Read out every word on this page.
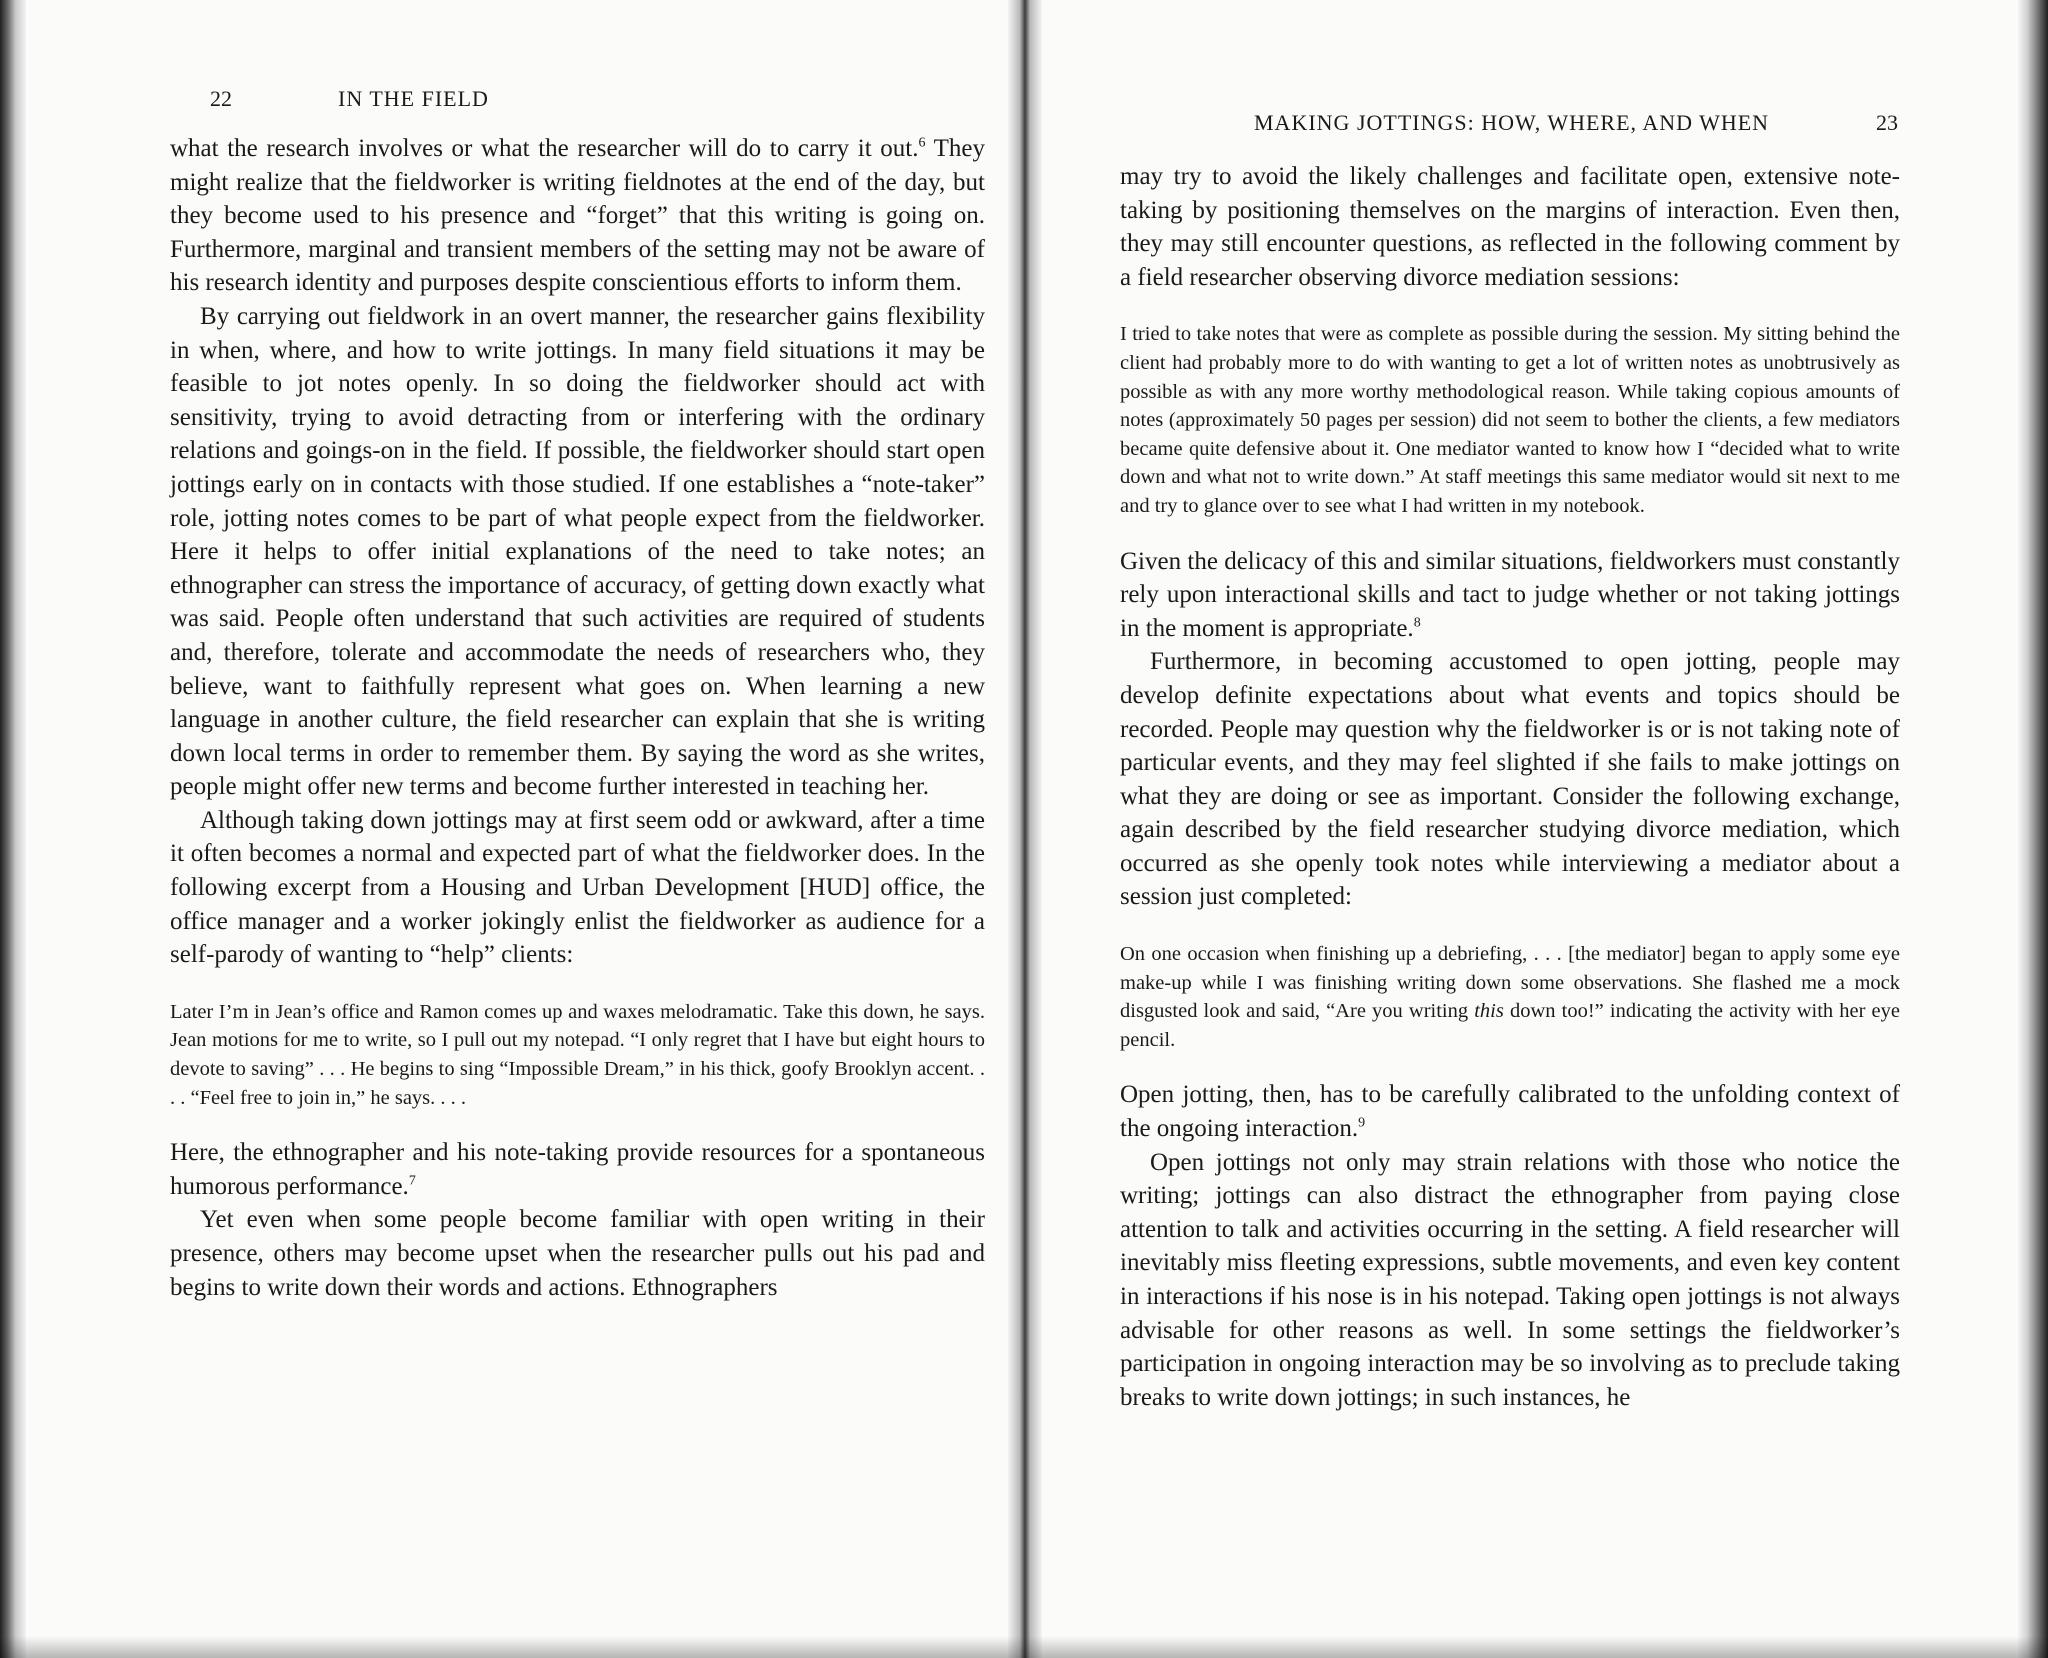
22	IN THE FIELD

what the research involves or what the researcher will do to carry it out.$^6$ They might realize that the fieldworker is writing fieldnotes at the end of the day, but they become used to his presence and “forget” that this writing is going on. Furthermore, marginal and transient members of the setting may not be aware of his research identity and purposes despite conscientious efforts to inform them.

By carrying out fieldwork in an overt manner, the researcher gains flexibility in when, where, and how to write jottings. In many field situations it may be feasible to jot notes openly. In so doing the fieldworker should act with sensitivity, trying to avoid detracting from or interfering with the ordinary relations and goings-on in the field. If possible, the fieldworker should start open jottings early on in contacts with those studied. If one establishes a “note-taker” role, jotting notes comes to be part of what people expect from the fieldworker. Here it helps to offer initial explanations of the need to take notes; an ethnographer can stress the importance of accuracy, of getting down exactly what was said. People often understand that such activities are required of students and, therefore, tolerate and accommodate the needs of researchers who, they believe, want to faithfully represent what goes on. When learning a new language in another culture, the field researcher can explain that she is writing down local terms in order to remember them. By saying the word as she writes, people might offer new terms and become further interested in teaching her.

Although taking down jottings may at first seem odd or awkward, after a time it often becomes a normal and expected part of what the fieldworker does. In the following excerpt from a Housing and Urban Development [HUD] office, the office manager and a worker jokingly enlist the fieldworker as audience for a self-parody of wanting to “help” clients:

Later I’m in Jean’s office and Ramon comes up and waxes melodramatic. Take this down, he says. Jean motions for me to write, so I pull out my notepad. “I only regret that I have but eight hours to devote to saving” . . . He begins to sing “Impossible Dream,” in his thick, goofy Brooklyn accent. . . . “Feel free to join in,” he says. . . .

Here, the ethnographer and his note-taking provide resources for a spontaneous humorous performance.$^7$

Yet even when some people become familiar with open writing in their presence, others may become upset when the researcher pulls out his pad and begins to write down their words and actions. Ethnographers

MAKING JOTTINGS: HOW, WHERE, AND WHEN	23

may try to avoid the likely challenges and facilitate open, extensive note-taking by positioning themselves on the margins of interaction. Even then, they may still encounter questions, as reflected in the following comment by a field researcher observing divorce mediation sessions:

I tried to take notes that were as complete as possible during the session. My sitting behind the client had probably more to do with wanting to get a lot of written notes as unobtrusively as possible as with any more worthy methodological reason. While taking copious amounts of notes (approximately 50 pages per session) did not seem to bother the clients, a few mediators became quite defensive about it. One mediator wanted to know how I “decided what to write down and what not to write down.” At staff meetings this same mediator would sit next to me and try to glance over to see what I had written in my notebook.

Given the delicacy of this and similar situations, fieldworkers must constantly rely upon interactional skills and tact to judge whether or not taking jottings in the moment is appropriate.$^8$

Furthermore, in becoming accustomed to open jotting, people may develop definite expectations about what events and topics should be recorded. People may question why the fieldworker is or is not taking note of particular events, and they may feel slighted if she fails to make jottings on what they are doing or see as important. Consider the following exchange, again described by the field researcher studying divorce mediation, which occurred as she openly took notes while interviewing a mediator about a session just completed:

On one occasion when finishing up a debriefing, . . . [the mediator] began to apply some eye make-up while I was finishing writing down some observations. She flashed me a mock disgusted look and said, “Are you writing this down too!” indicating the activity with her eye pencil.

Open jotting, then, has to be carefully calibrated to the unfolding context of the ongoing interaction.$^9$

Open jottings not only may strain relations with those who notice the writing; jottings can also distract the ethnographer from paying close attention to talk and activities occurring in the setting. A field researcher will inevitably miss fleeting expressions, subtle movements, and even key content in interactions if his nose is in his notepad. Taking open jottings is not always advisable for other reasons as well. In some settings the fieldworker’s participation in ongoing interaction may be so involving as to preclude taking breaks to write down jottings; in such instances, he
